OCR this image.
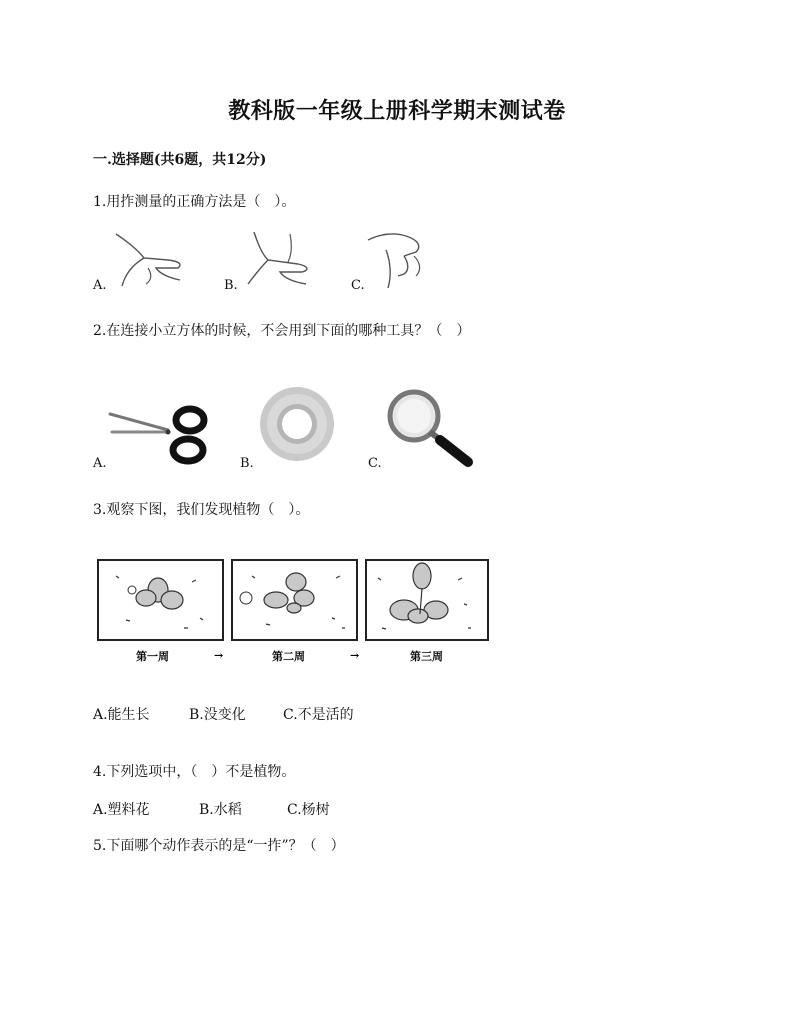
教科版一年级上册科学期末测试卷
一.选择题(共6题，共12分)
1.用拃测量的正确方法是（　）。
A.	B.	C.
2.在连接小立方体的时候，不会用到下面的哪种工具？（　）
A.	B.	C.
3.观察下图，我们发现植物（　）。
第一周	第二周	第三周
→	→
A.能生长	B.没变化	C.不是活的
4.下列选项中，（　）不是植物。
A.塑料花	B.水稻	C.杨树
5.下面哪个动作表示的是“一拃”？（　）
